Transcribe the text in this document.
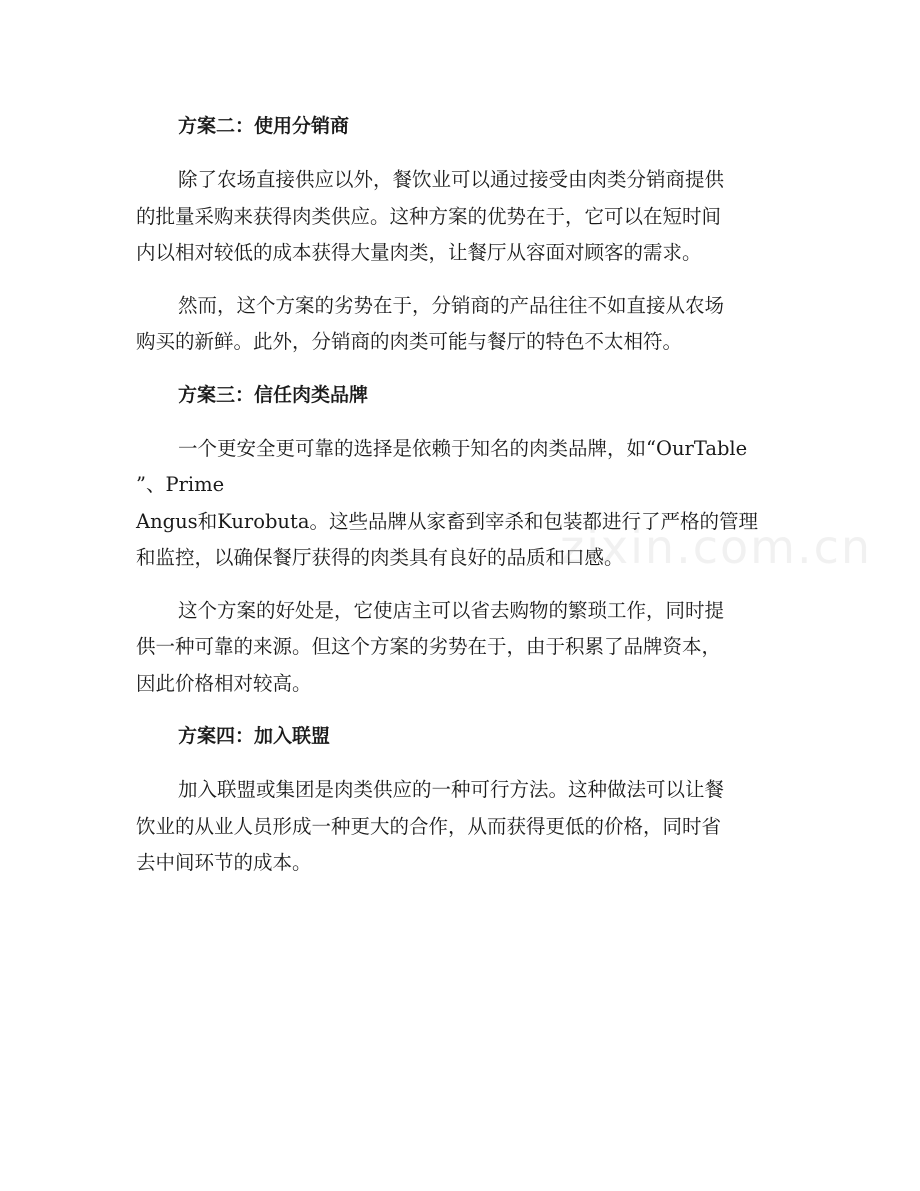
方案二：使用分销商
除了农场直接供应以外，餐饮业可以通过接受由肉类分销商提供
的批量采购来获得肉类供应。这种方案的优势在于，它可以在短时间
内以相对较低的成本获得大量肉类，让餐厅从容面对顾客的需求。
然而，这个方案的劣势在于，分销商的产品往往不如直接从农场
购买的新鲜。此外，分销商的肉类可能与餐厅的特色不太相符。
方案三：信任肉类品牌
一个更安全更可靠的选择是依赖于知名的肉类品牌，如“OurTable
”、Prime
Angus和Kurobuta。这些品牌从家畜到宰杀和包装都进行了严格的管理
和监控，以确保餐厅获得的肉类具有良好的品质和口感。
这个方案的好处是，它使店主可以省去购物的繁琐工作，同时提
供一种可靠的来源。但这个方案的劣势在于，由于积累了品牌资本，
因此价格相对较高。
方案四：加入联盟
加入联盟或集团是肉类供应的一种可行方法。这种做法可以让餐
饮业的从业人员形成一种更大的合作，从而获得更低的价格，同时省
去中间环节的成本。
zixin.com.cn
